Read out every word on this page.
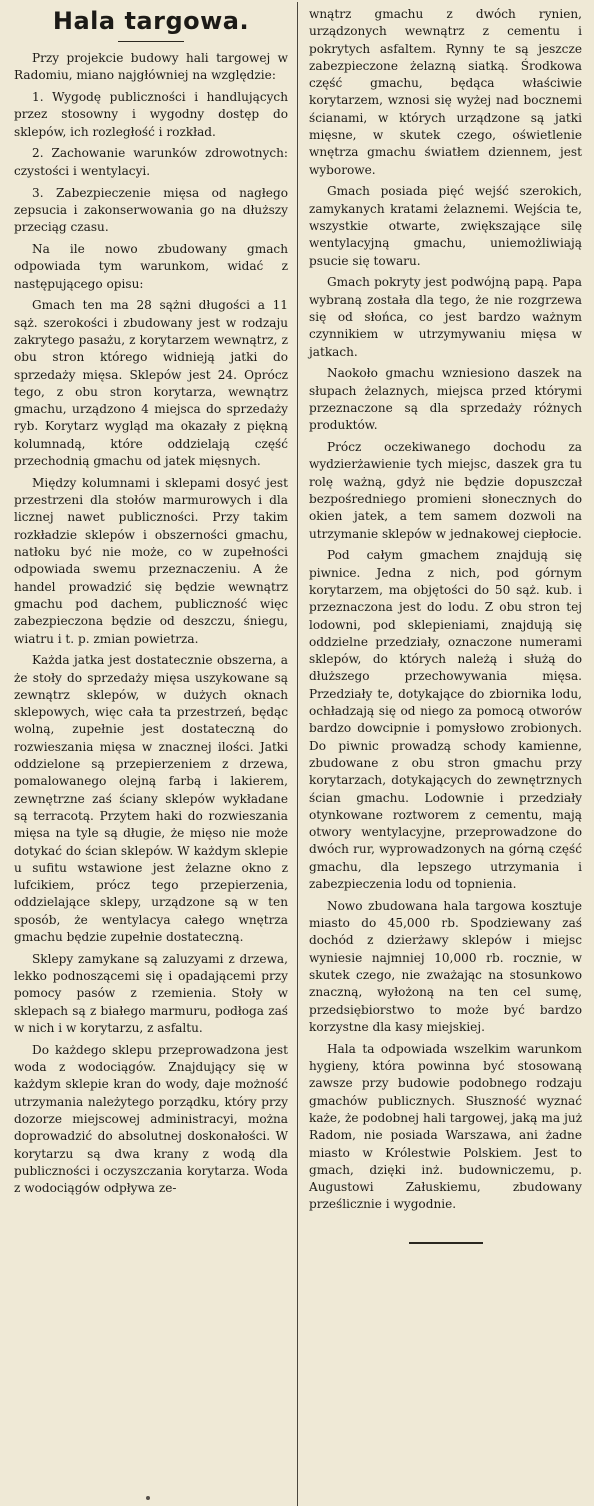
Hala targowa.

Przy projekcie budowy hali targowej w Radomiu, miano najgłówniej na względzie:

1. Wygodę publiczności i handlujących przez stosowny i wygodny dostęp do sklepów, ich rozległość i rozkład.

2. Zachowanie warunków zdrowotnych: czystości i wentylacyi.

3. Zabezpieczenie mięsa od nagłego zepsucia i zakonserwowania go na dłuższy przeciąg czasu.

Na ile nowo zbudowany gmach odpowiada tym warunkom, widać z następującego opisu:

Gmach ten ma 28 sążni długości a 11 sąż. szerokości i zbudowany jest w rodzaju zakrytego pasażu, z korytarzem wewnątrz, z obu stron którego widnieją jatki do sprzedaży mięsa. Sklepów jest 24. Oprócz tego, z obu stron korytarza, wewnątrz gmachu, urządzono 4 miejsca do sprzedaży ryb. Korytarz wygląd ma okazały z piękną kolumnadą, które oddzielają część przechodnią gmachu od jatek mięsnych.

Między kolumnami i sklepami dosyć jest przestrzeni dla stołów marmurowych i dla licznej nawet publiczności. Przy takim rozkładzie sklepów i obszerności gmachu, natłoku być nie może, co w zupełności odpowiada swemu przeznaczeniu. A że handel prowadzić się będzie wewnątrz gmachu pod dachem, publiczność więc zabezpieczona będzie od deszczu, śniegu, wiatru i t. p. zmian powietrza.

Każda jatka jest dostatecznie obszerna, a że stoły do sprzedaży mięsa uszykowane są zewnątrz sklepów, w dużych oknach sklepowych, więc cała ta przestrzeń, będąc wolną, zupełnie jest dostateczną do rozwieszania mięsa w znacznej ilości. Jatki oddzielone są przepierzeniem z drzewa, pomalowanego olejną farbą i lakierem, zewnętrzne zaś ściany sklepów wykładane są terracotą. Przytem haki do rozwieszania mięsa na tyle są długie, że mięso nie może dotykać do ścian sklepów. W każdym sklepie u sufitu wstawione jest żelazne okno z lufcikiem, prócz tego przepierzenia, oddzielające sklepy, urządzone są w ten sposób, że wentylacya całego wnętrza gmachu będzie zupełnie dostateczną.

Sklepy zamykane są zaluzyami z drzewa, lekko podnoszącemi się i opadającemi przy pomocy pasów z rzemienia. Stoły w sklepach są z białego marmuru, podłoga zaś w nich i w korytarzu, z asfaltu.

Do każdego sklepu przeprowadzona jest woda z wodociągów. Znajdujący się w każdym sklepie kran do wody, daje możność utrzymania należytego porządku, który przy dozorze miejscowej administracyi, można doprowadzić do absolutnej doskonałości. W korytarzu są dwa krany z wodą dla publiczności i oczyszczania korytarza. Woda z wodociągów odpływa ze-

wnątrz gmachu z dwóch rynien, urządzonych wewnątrz z cementu i pokrytych asfaltem. Rynny te są jeszcze zabezpieczone żelazną siatką. Środkowa część gmachu, będąca właściwie korytarzem, wznosi się wyżej nad bocznemi ścianami, w których urządzone są jatki mięsne, w skutek czego, oświetlenie wnętrza gmachu światłem dziennem, jest wyborowe.

Gmach posiada pięć wejść szerokich, zamykanych kratami żelaznemi. Wejścia te, wszystkie otwarte, zwiększające silę wentylacyjną gmachu, uniemożliwiają psucie się towaru.

Gmach pokryty jest podwójną papą. Papa wybraną została dla tego, że nie rozgrzewa się od słońca, co jest bardzo ważnym czynnikiem w utrzymywaniu mięsa w jatkach.

Naokoło gmachu wzniesiono daszek na słupach żelaznych, miejsca przed którymi przeznaczone są dla sprzedaży różnych produktów.

Prócz oczekiwanego dochodu za wydzierżawienie tych miejsc, daszek gra tu rolę ważną, gdyż nie będzie dopuszczał bezpośredniego promieni słonecznych do okien jatek, a tem samem dozwoli na utrzymanie sklepów w jednakowej ciepłocie.

Pod całym gmachem znajdują się piwnice. Jedna z nich, pod górnym korytarzem, ma objętości do 50 sąż. kub. i przeznaczona jest do lodu. Z obu stron tej lodowni, pod sklepieniami, znajdują się oddzielne przedziały, oznaczone numerami sklepów, do których należą i służą do dłuższego przechowywania mięsa. Przedziały te, dotykające do zbiornika lodu, ochładzają się od niego za pomocą otworów bardzo dowcipnie i pomysłowo zrobionych. Do piwnic prowadzą schody kamienne, zbudowane z obu stron gmachu przy korytarzach, dotykających do zewnętrznych ścian gmachu. Lodownie i przedziały otynkowane roztworem z cementu, mają otwory wentylacyjne, przeprowadzone do dwóch rur, wyprowadzonych na górną część gmachu, dla lepszego utrzymania i zabezpieczenia lodu od topnienia.

Nowo zbudowana hala targowa kosztuje miasto do 45,000 rb. Spodziewany zaś dochód z dzierżawy sklepów i miejsc wyniesie najmniej 10,000 rb. rocznie, w skutek czego, nie zważając na stosunkowo znaczną, wyłożoną na ten cel sumę, przedsiębiorstwo to może być bardzo korzystne dla kasy miejskiej.

Hala ta odpowiada wszelkim warunkom hygieny, która powinna być stosowaną zawsze przy budowie podobnego rodzaju gmachów publicznych. Słuszność wyznać każe, że podobnej hali targowej, jaką ma już Radom, nie posiada Warszawa, ani żadne miasto w Królestwie Polskiem. Jest to gmach, dzięki inż. budowniczemu, p. Augustowi Załuskiemu, zbudowany prześlicznie i wygodnie.
